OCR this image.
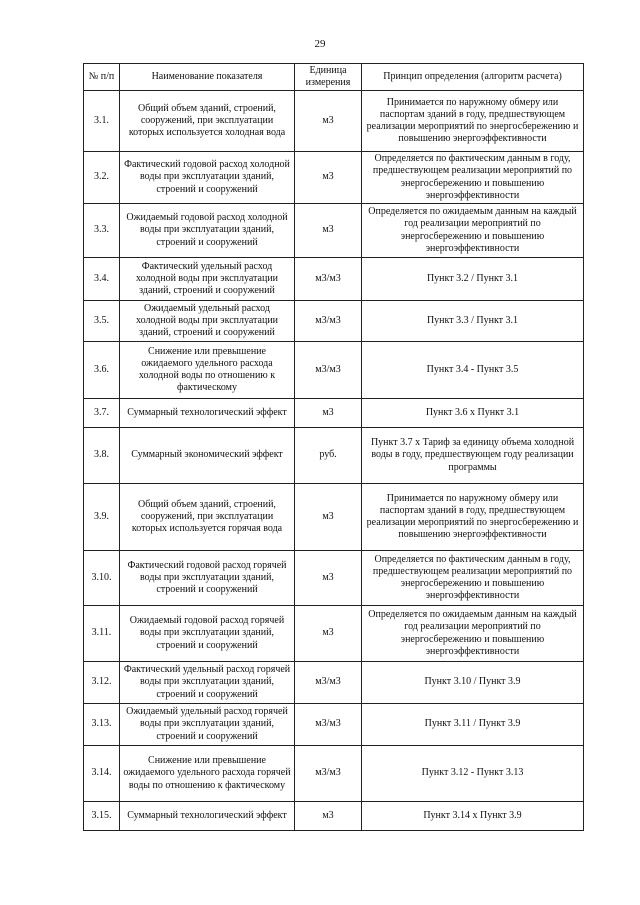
29
№ п/п	Наименование показателя	Единица измерения	Принцип определения (алгоритм расчета)
3.1.	Общий объем зданий, строений, сооружений, при эксплуатации которых используется холодная вода	м3	Принимается по наружному обмеру или паспортам зданий в году, предшествующем реализации мероприятий по энергосбережению и повышению энергоэффективности
3.2.	Фактический годовой расход холодной воды при эксплуатации зданий, строений и сооружений	м3	Определяется по фактическим данным в году, предшествующем реализации мероприятий по энергосбережению и повышению энергоэффективности
3.3.	Ожидаемый годовой расход холодной воды при эксплуатации зданий, строений и сооружений	м3	Определяется по ожидаемым данным на каждый год реализации мероприятий по энергосбережению и повышению энергоэффективности
3.4.	Фактический удельный расход холодной воды при эксплуатации зданий, строений и сооружений	м3/м3	Пункт 3.2 / Пункт 3.1
3.5.	Ожидаемый удельный расход холодной воды при эксплуатации зданий, строений и сооружений	м3/м3	Пункт 3.3 / Пункт 3.1
3.6.	Снижение или превышение ожидаемого удельного расхода холодной воды по отношению к фактическому	м3/м3	Пункт 3.4 - Пункт 3.5
3.7.	Суммарный технологический эффект	м3	Пункт 3.6 х Пункт 3.1
3.8.	Суммарный экономический эффект	руб.	Пункт 3.7 х Тариф за единицу объема холодной воды в году, предшествующем году реализации программы
3.9.	Общий объем зданий, строений, сооружений, при эксплуатации которых используется горячая вода	м3	Принимается по наружному обмеру или паспортам зданий в году, предшествующем реализации мероприятий по энергосбережению и повышению энергоэффективности
3.10.	Фактический годовой расход горячей воды при эксплуатации зданий, строений и сооружений	м3	Определяется по фактическим данным в году, предшествующем реализации мероприятий по энергосбережению и повышению энергоэффективности
3.11.	Ожидаемый годовой расход горячей воды при эксплуатации зданий, строений и сооружений	м3	Определяется по ожидаемым данным на каждый год реализации мероприятий по энергосбережению и повышению энергоэффективности
3.12.	Фактический удельный расход горячей воды при эксплуатации зданий, строений и сооружений	м3/м3	Пункт 3.10 / Пункт 3.9
3.13.	Ожидаемый удельный расход горячей воды при эксплуатации зданий, строений и сооружений	м3/м3	Пункт 3.11 / Пункт 3.9
3.14.	Снижение или превышение ожидаемого удельного расхода горячей воды по отношению к фактическому	м3/м3	Пункт 3.12 - Пункт 3.13
3.15.	Суммарный технологический эффект	м3	Пункт 3.14 х Пункт 3.9
